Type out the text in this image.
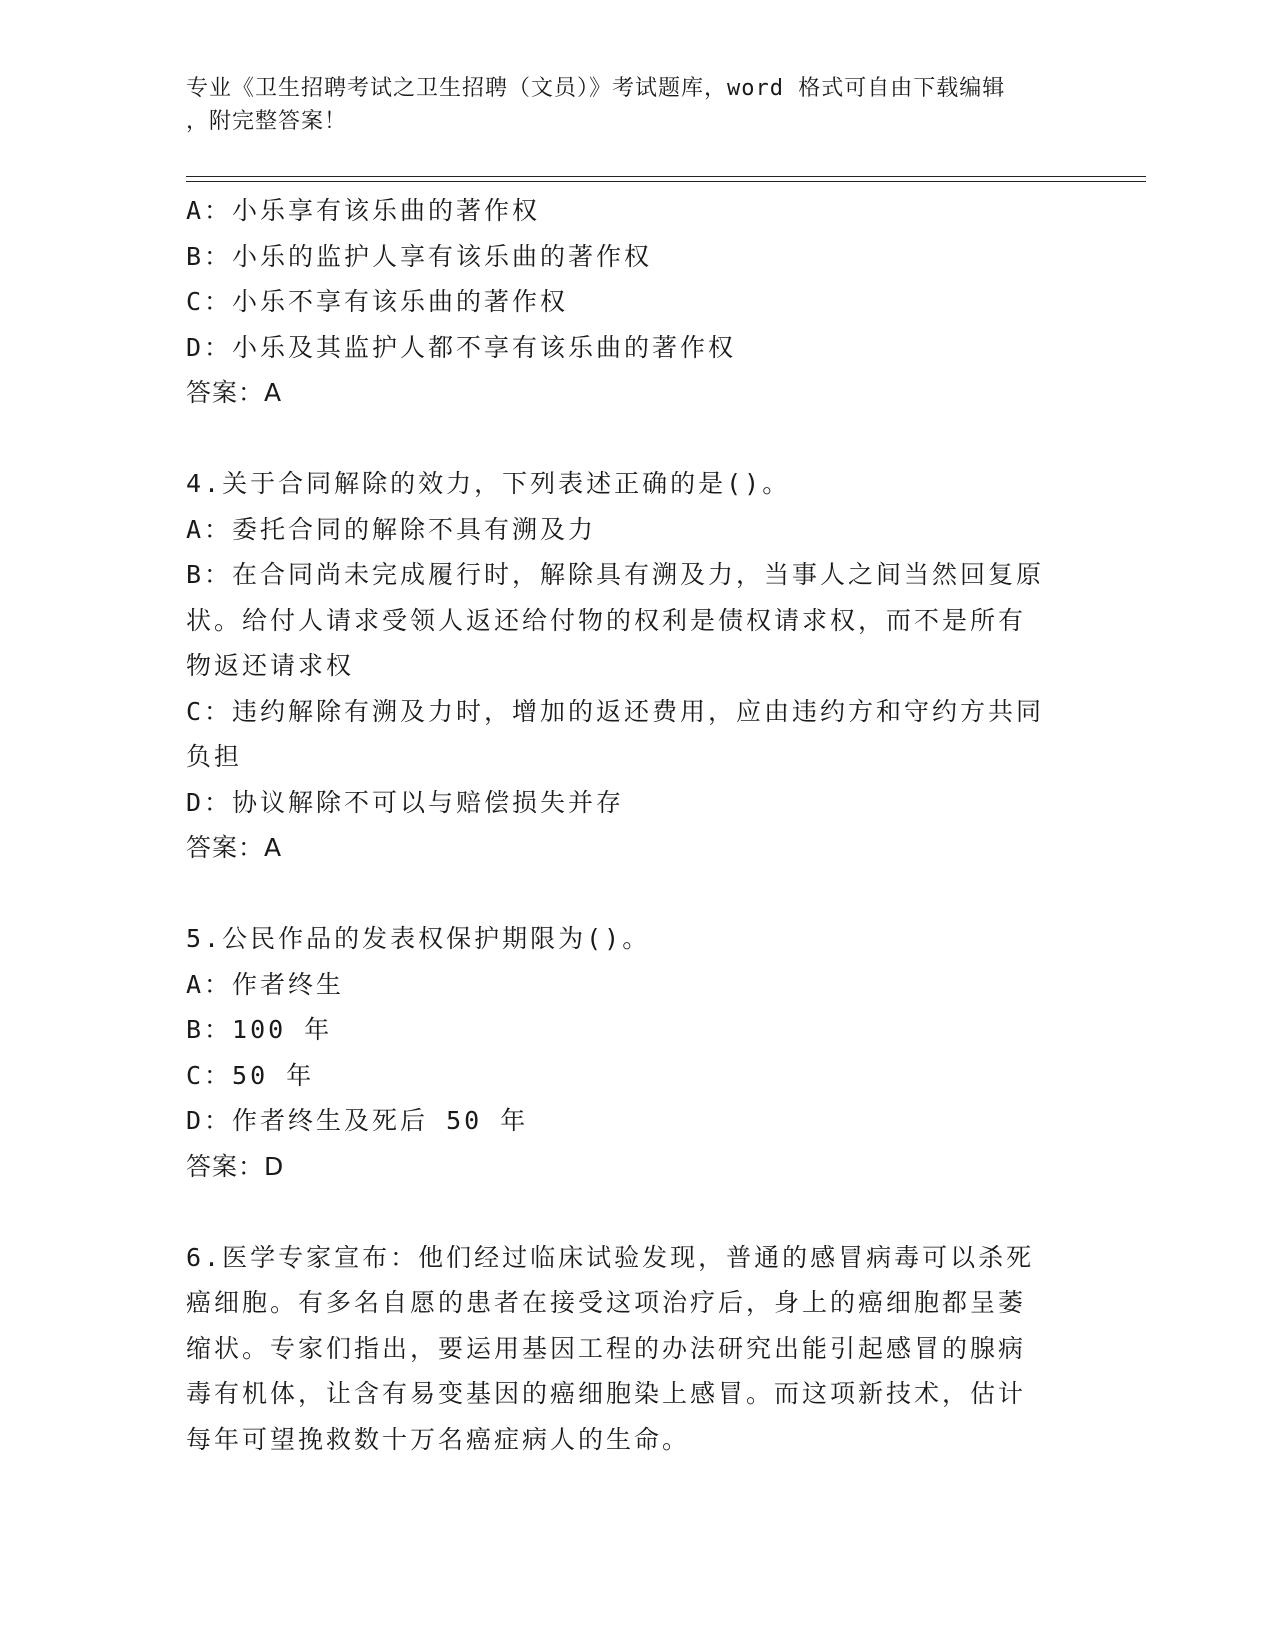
专业《卫生招聘考试之卫生招聘（文员）》考试题库，word 格式可自由下载编辑
，附完整答案！

A：小乐享有该乐曲的著作权

B：小乐的监护人享有该乐曲的著作权

C：小乐不享有该乐曲的著作权

D：小乐及其监护人都不享有该乐曲的著作权

答案：A

4.关于合同解除的效力，下列表述正确的是()。

A：委托合同的解除不具有溯及力

B：在合同尚未完成履行时，解除具有溯及力，当事人之间当然回复原

状。给付人请求受领人返还给付物的权利是债权请求权，而不是所有

物返还请求权

C：违约解除有溯及力时，增加的返还费用，应由违约方和守约方共同

负担

D：协议解除不可以与赔偿损失并存

答案：A

5.公民作品的发表权保护期限为()。

A：作者终生

B：100 年

C：50 年

D：作者终生及死后 50 年

答案：D

6.医学专家宣布：他们经过临床试验发现，普通的感冒病毒可以杀死

癌细胞。有多名自愿的患者在接受这项治疗后，身上的癌细胞都呈萎

缩状。专家们指出，要运用基因工程的办法研究出能引起感冒的腺病

毒有机体，让含有易变基因的癌细胞染上感冒。而这项新技术，估计

每年可望挽救数十万名癌症病人的生命。
